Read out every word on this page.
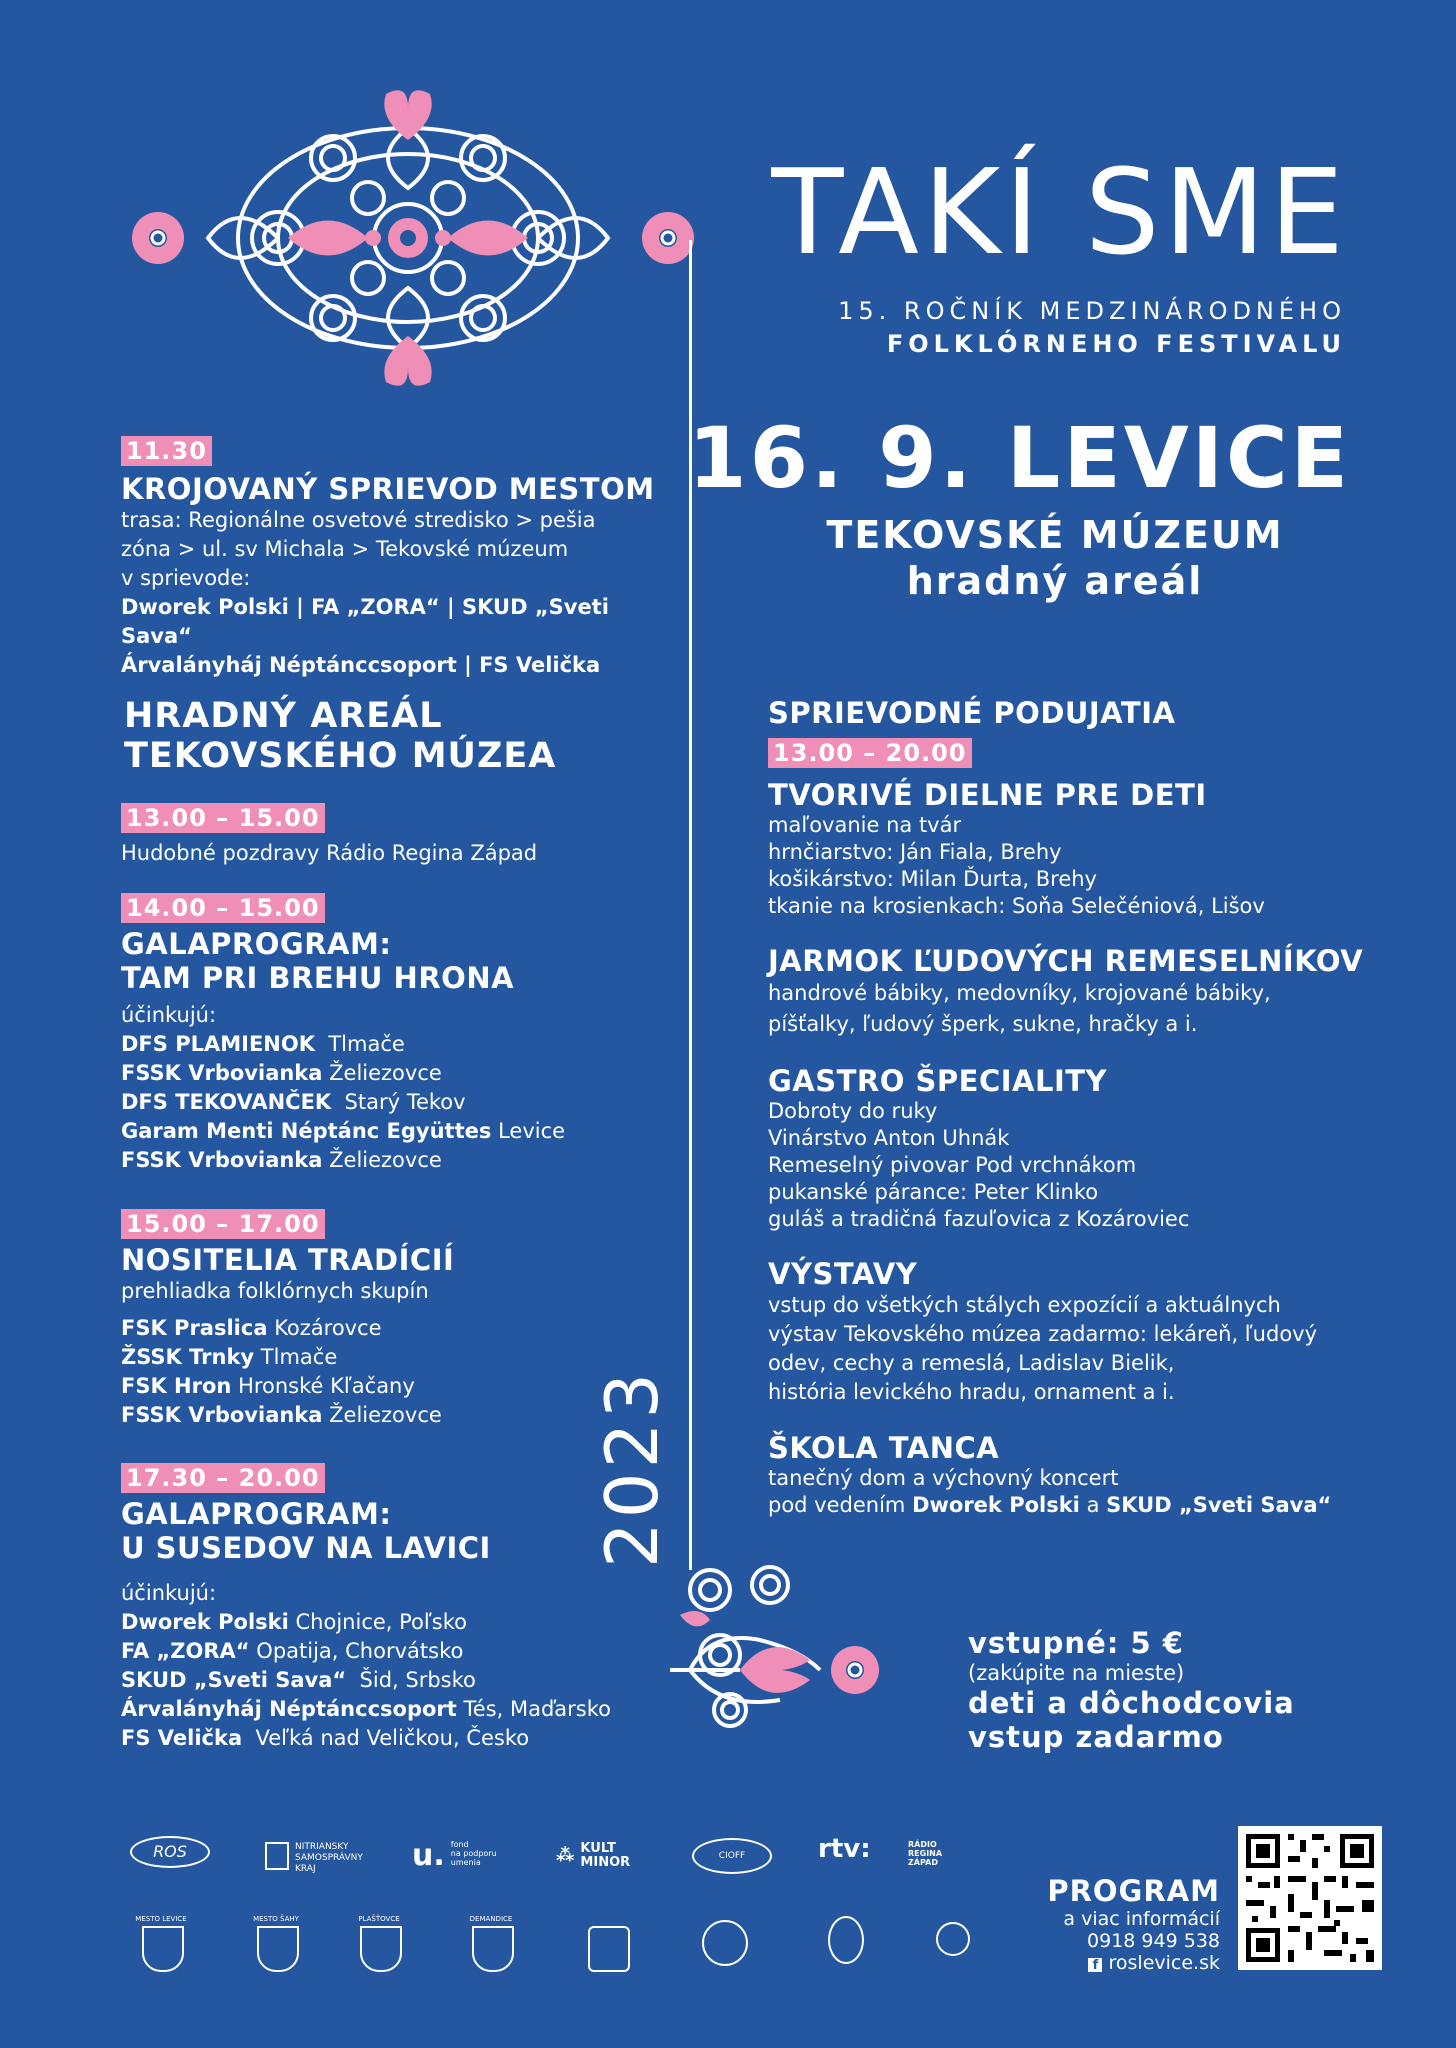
TAKÍ SME
15. ROČNÍK MEDZINÁRODNÉHO
FOLKLÓRNEHO FESTIVALU
16. 9. LEVICE
TEKOVSKÉ MÚZEUM
hradný areál
2023
11.30
KROJOVANÝ SPRIEVOD MESTOM
trasa: Regionálne osvetové stredisko > pešia
zóna > ul. sv Michala > Tekovské múzeum
v sprievode:
Dworek Polski | FA „ZORA“ | SKUD „Sveti Sava“
Árvalányháj Néptánccsoport | FS Velička
HRADNÝ AREÁL
TEKOVSKÉHO MÚZEA
13.00 – 15.00
Hudobné pozdravy Rádio Regina Západ
14.00 – 15.00
GALAPROGRAM:
TAM PRI BREHU HRONA
účinkujú:
DFS PLAMIENOK Tlmače
FSSK Vrbovianka Želiezovce
DFS TEKOVANČEK Starý Tekov
Garam Menti Néptánc Együttes Levice
FSSK Vrbovianka Želiezovce
15.00 – 17.00
NOSITELIA TRADÍCIÍ
prehliadka folklórnych skupín
FSK Praslica Kozárovce
ŽSSK Trnky Tlmače
FSK Hron Hronské Kľačany
FSSK Vrbovianka Želiezovce
17.30 – 20.00
GALAPROGRAM:
U SUSEDOV NA LAVICI
účinkujú:
Dworek Polski Chojnice, Poľsko
FA „ZORA“ Opatija, Chorvátsko
SKUD „Sveti Sava“ Šid, Srbsko
Árvalányháj Néptánccsoport Tés, Maďarsko
FS Velička Veľká nad Veličkou, Česko
SPRIEVODNÉ PODUJATIA
13.00 – 20.00
TVORIVÉ DIELNE PRE DETI
maľovanie na tvár
hrnčiarstvo: Ján Fiala, Brehy
košikárstvo: Milan Ďurta, Brehy
tkanie na krosienkach: Soňa Selečéniová, Lišov
JARMOK ĽUDOVÝCH REMESELNÍKOV
handrové bábiky, medovníky, krojované bábiky,
píšťalky, ľudový šperk, sukne, hračky a i.
GASTRO ŠPECIALITY
Dobroty do ruky
Vinárstvo Anton Uhnák
Remeselný pivovar Pod vrchnákom
pukanské párance: Peter Klinko
guláš a tradičná fazuľovica z Kozároviec
VÝSTAVY
vstup do všetkých stálych expozícií a aktuálnych
výstav Tekovského múzea zadarmo: lekáreň, ľudový
odev, cechy a remeslá, Ladislav Bielik,
história levického hradu, ornament a i.
ŠKOLA TANCA
tanečný dom a výchovný koncert
pod vedením Dworek Polski a SKUD „Sveti Sava“
vstupné: 5 €
(zakúpite na mieste)
deti a dôchodcovia
vstup zadarmo
ROS	NITRIANSKY
SAMOSPRÁVNY
KRAJ	u. fond
na podporu
umenia	⁂ KULT
MINOR	CIOFF	rtv:	RÁDIO
REGINA
ZÁPAD
MESTO LEVICE	MESTO ŠAHY	PLAŠŤOVCE	DEMANDICE
PROGRAM
a viac informácií
0918 949 538
f roslevice.sk
